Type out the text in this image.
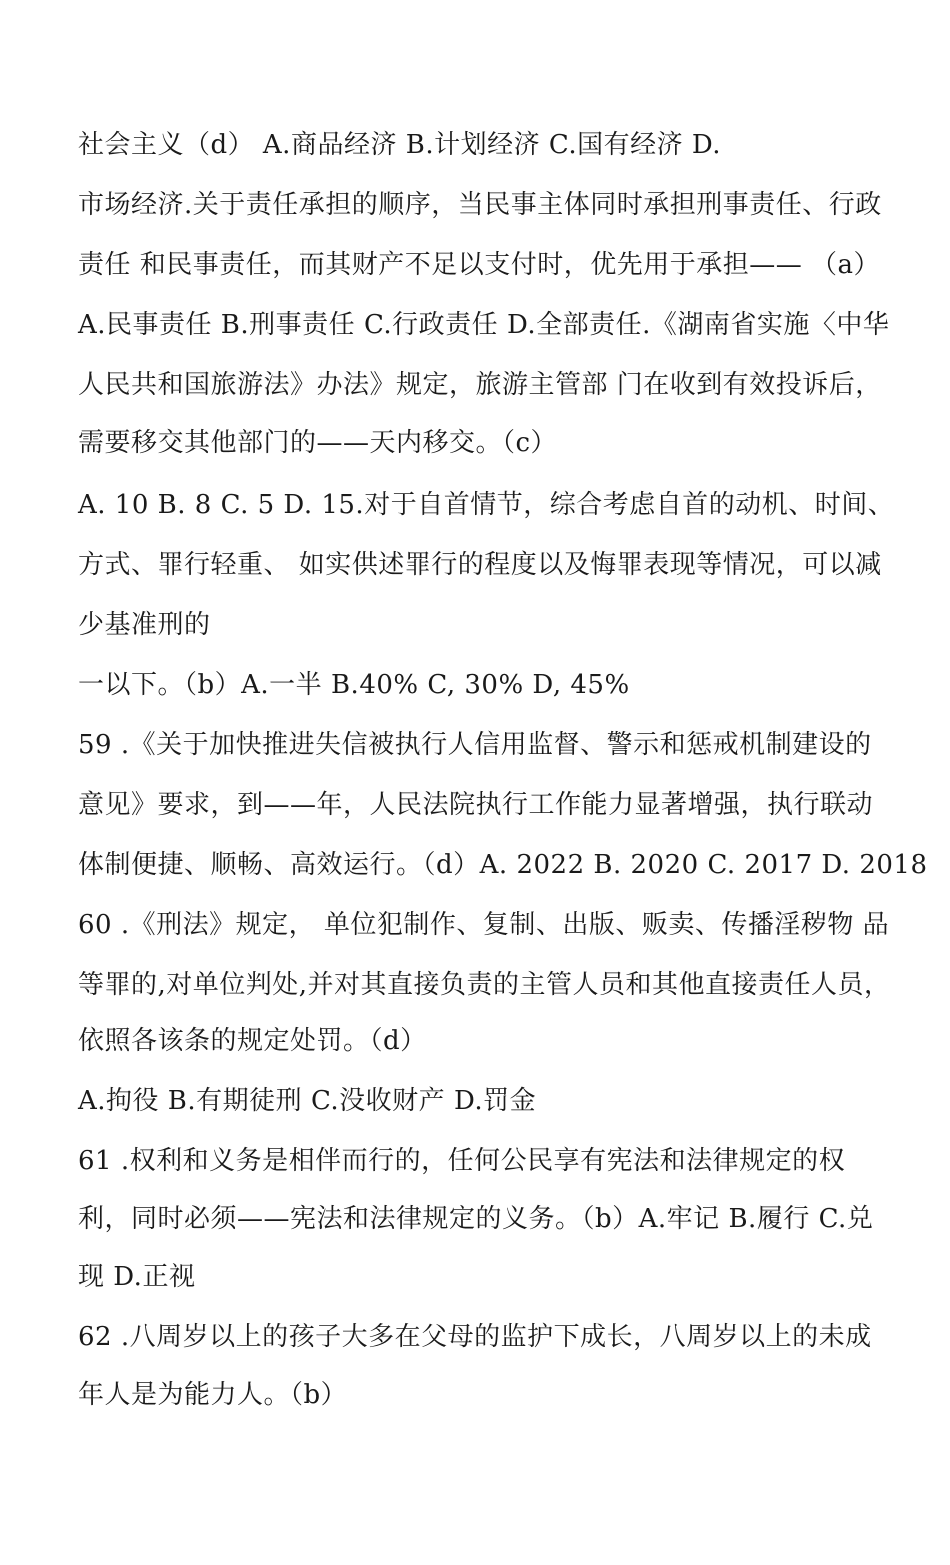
社会主义（d） A.商品经济 B.计划经济 C.国有经济 D.
市场经济.关于责任承担的顺序，当民事主体同时承担刑事责任、行政
责任 和民事责任，而其财产不足以支付时，优先用于承担—— （a）
A.民事责任 B.刑事责任 C.行政责任 D.全部责任.《湖南省实施〈中华
人民共和国旅游法》办法》规定，旅游主管部 门在收到有效投诉后，
需要移交其他部门的——天内移交。（c）
A. 10 B. 8 C. 5 D. 15.对于自首情节，综合考虑自首的动机、时间、
方式、罪行轻重、 如实供述罪行的程度以及悔罪表现等情况，可以减
少基准刑的
一以下。（b）A.一半 B.40% C, 30% D, 45%
59 .《关于加快推进失信被执行人信用监督、警示和惩戒机制建设的
意见》要求，到——年，人民法院执行工作能力显著增强，执行联动
体制便捷、顺畅、高效运行。（d）A. 2022 B. 2020 C. 2017 D. 2018
60 .《刑法》规定， 单位犯制作、复制、出版、贩卖、传播淫秽物 品
等罪的,对单位判处,并对其直接负责的主管人员和其他直接责任人员，
依照各该条的规定处罚。（d）
A.拘役 B.有期徒刑 C.没收财产 D.罚金
61 .权利和义务是相伴而行的，任何公民享有宪法和法律规定的权
利，同时必须——宪法和法律规定的义务。（b）A.牢记 B.履行 C.兑
现 D.正视
62 .八周岁以上的孩子大多在父母的监护下成长，八周岁以上的未成
年人是为能力人。（b）
